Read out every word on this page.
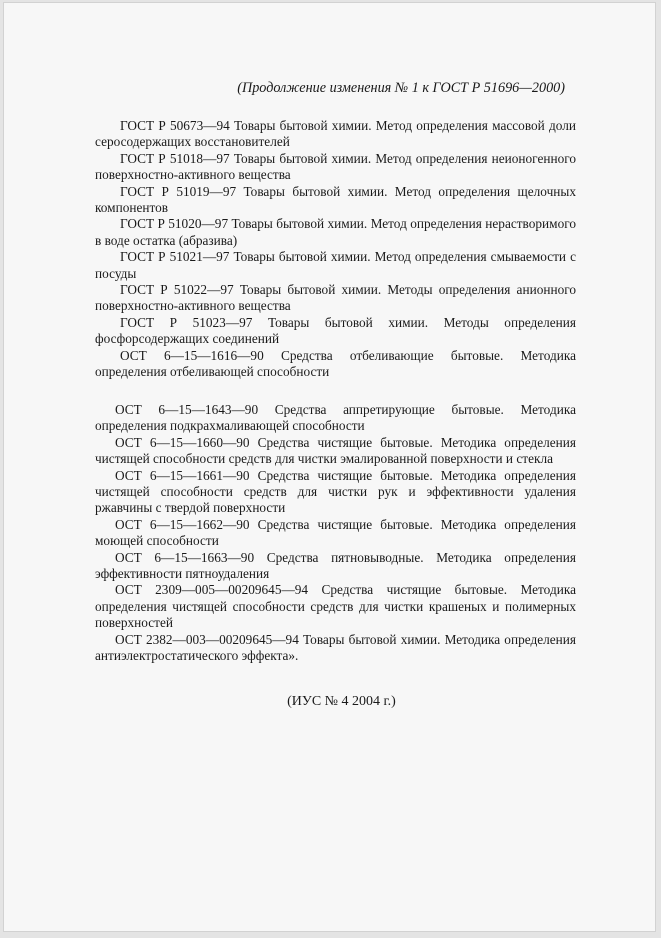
(Продолжение изменения № 1 к ГОСТ Р 51696—2000)

ГОСТ Р 50673—94 Товары бытовой химии. Метод определения массовой доли серосодержащих восстановителей

ГОСТ Р 51018—97 Товары бытовой химии. Метод определения неионогенного поверхностно-активного вещества

ГОСТ Р 51019—97 Товары бытовой химии. Метод определения щелочных компонентов

ГОСТ Р 51020—97 Товары бытовой химии. Метод определения нерастворимого в воде остатка (абразива)

ГОСТ Р 51021—97 Товары бытовой химии. Метод определения смываемости с посуды

ГОСТ Р 51022—97 Товары бытовой химии. Методы определения анионного поверхностно-активного вещества

ГОСТ Р 51023—97 Товары бытовой химии. Методы определения фосфорсодержащих соединений

ОСТ 6—15—1616—90 Средства отбеливающие бытовые. Методика определения отбеливающей способности

ОСТ 6—15—1643—90 Средства аппретирующие бытовые. Методика определения подкрахмаливающей способности

ОСТ 6—15—1660—90 Средства чистящие бытовые. Методика определения чистящей способности средств для чистки эмалированной поверхности и стекла

ОСТ 6—15—1661—90 Средства чистящие бытовые. Методика определения чистящей способности средств для чистки рук и эффективности удаления ржавчины с твердой поверхности

ОСТ 6—15—1662—90 Средства чистящие бытовые. Методика определения моющей способности

ОСТ 6—15—1663—90 Средства пятновыводные. Методика определения эффективности пятноудаления

ОСТ 2309—005—00209645—94 Средства чистящие бытовые. Методика определения чистящей способности средств для чистки крашеных и полимерных поверхностей

ОСТ 2382—003—00209645—94 Товары бытовой химии. Методика определения антиэлектростатического эффекта».

(ИУС № 4 2004 г.)
